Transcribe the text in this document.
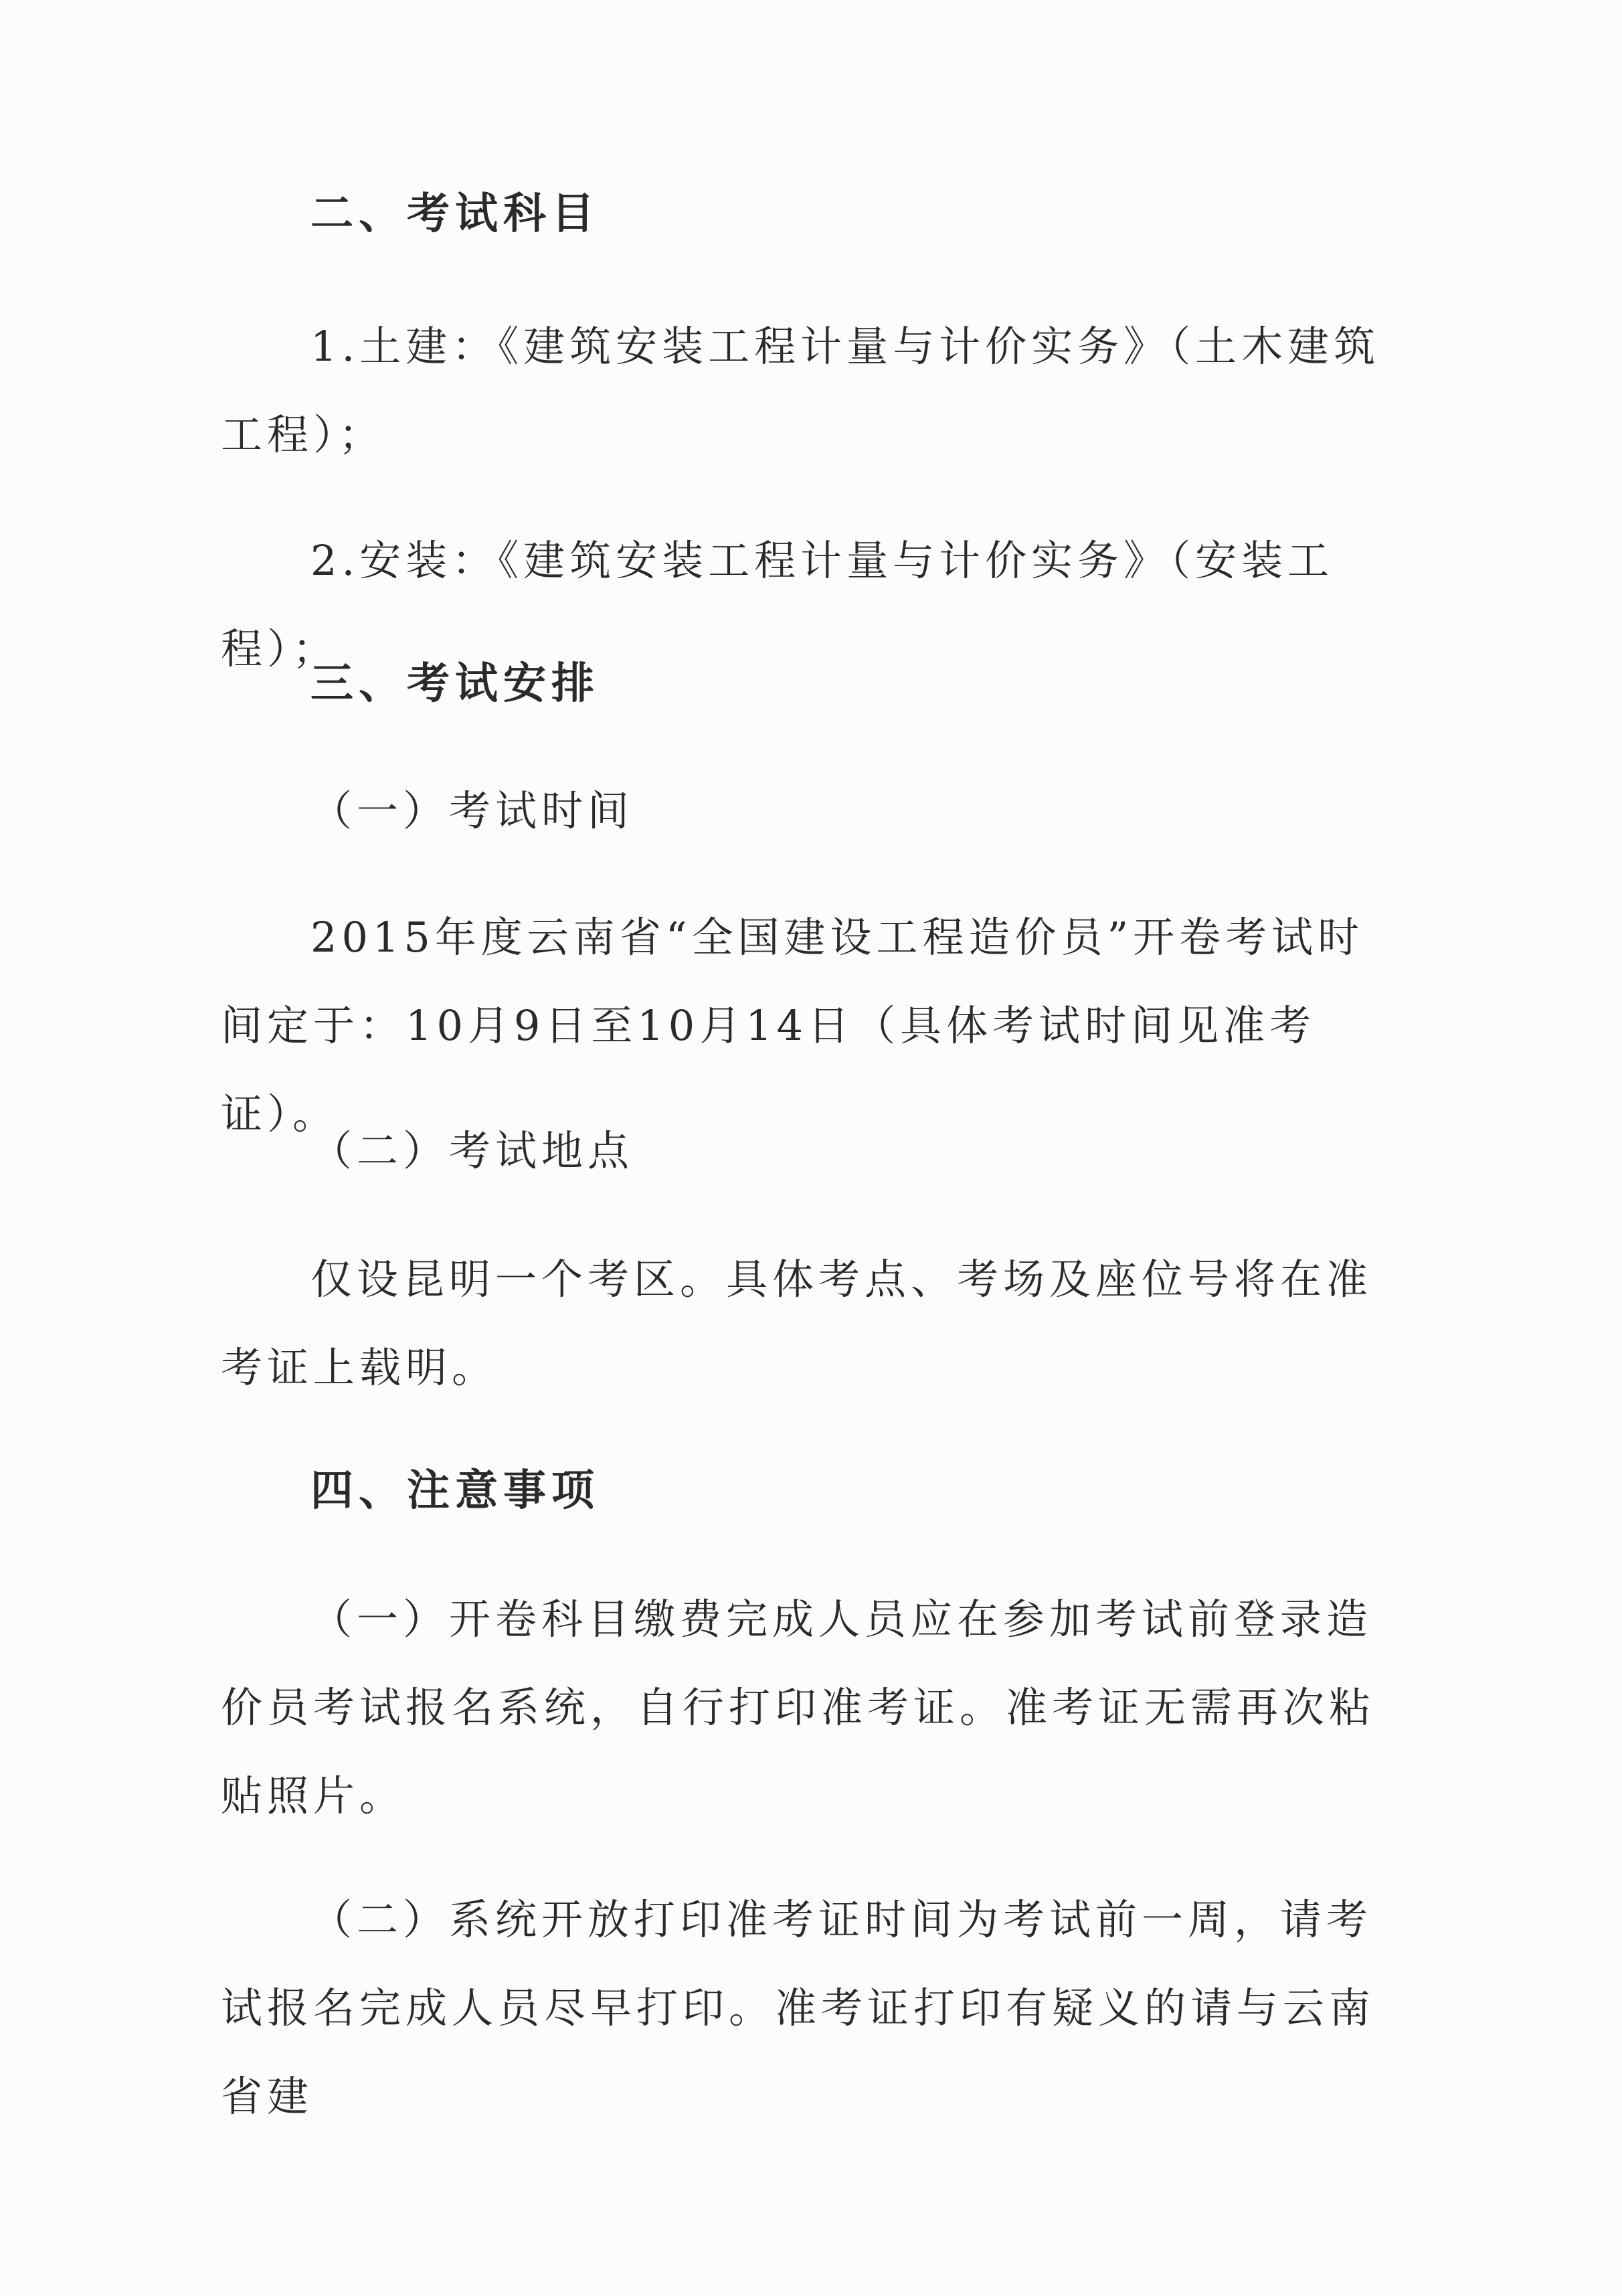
二、考试科目

1.土建：《建筑安装工程计量与计价实务》（土木建筑工程）；

2.安装：《建筑安装工程计量与计价实务》（安装工程）；

三、考试安排

（一）考试时间

2015年度云南省“全国建设工程造价员”开卷考试时间定于：10月9日至10月14日（具体考试时间见准考证）。

（二）考试地点

仅设昆明一个考区。具体考点、考场及座位号将在准考证上载明。

四、注意事项

（一）开卷科目缴费完成人员应在参加考试前登录造价员考试报名系统，自行打印准考证。准考证无需再次粘贴照片。

（二）系统开放打印准考证时间为考试前一周，请考试报名完成人员尽早打印。准考证打印有疑义的请与云南省建
